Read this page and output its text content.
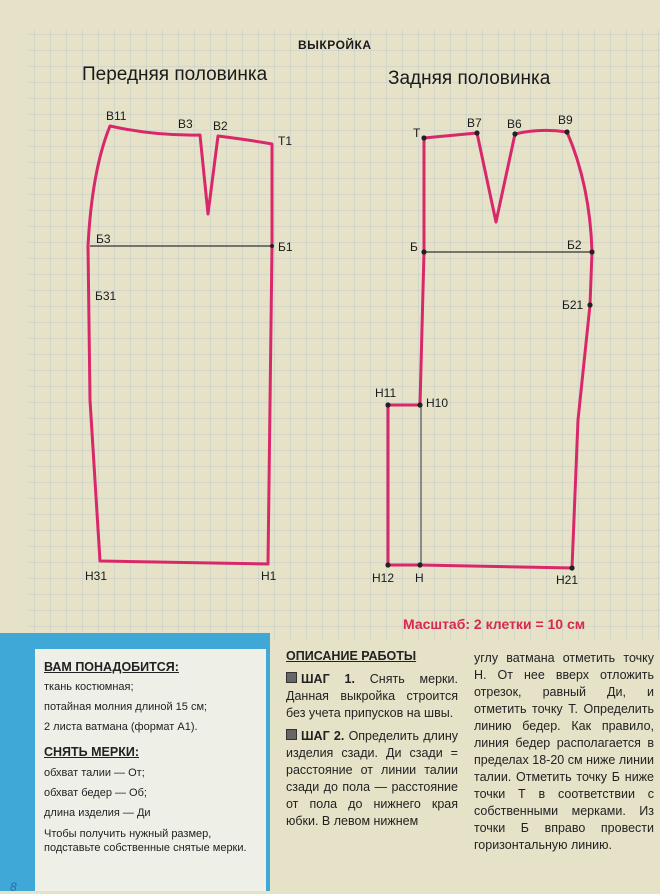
ВЫКРОЙКА
Передняя половинка	Задняя половинка
В11
В3 В2
Т1
Б3
Б1
Б31
Н31	Н1
Т
В7 В6	В9
Б	Б2
Б21
Н11
Н10
Н12 Н	Н21
Масштаб: 2 клетки = 10 см
ВАМ ПОНАДОБИТСЯ:
ткань костюмная;
потайная молния длиной 15 см;
2 листа ватмана (формат А1).
СНЯТЬ МЕРКИ:
обхват талии — От;
обхват бедер — Об;
длина изделия — Ди
Чтобы получить нужный размер, подставьте собственные снятые мерки.
ОПИСАНИЕ РАБОТЫ
ШАГ 1. Снять мерки. Данная выкройка строится без учета припусков на швы.
ШАГ 2. Определить длину изделия сзади. Ди сзади = расстояние от линии талии сзади до пола — расстояние от пола до нижнего края юбки. В левом нижнем
углу ватмана отметить точку Н. От нее вверх отложить отрезок, равный Ди, и отметить точку Т. Определить линию бедер. Как правило, линия бедер располагается в пределах 18-20 см ниже линии талии. Отметить точку Б ниже точки Т в соответствии с собственными мерками. Из точки Б вправо провести горизонтальную линию.
8
